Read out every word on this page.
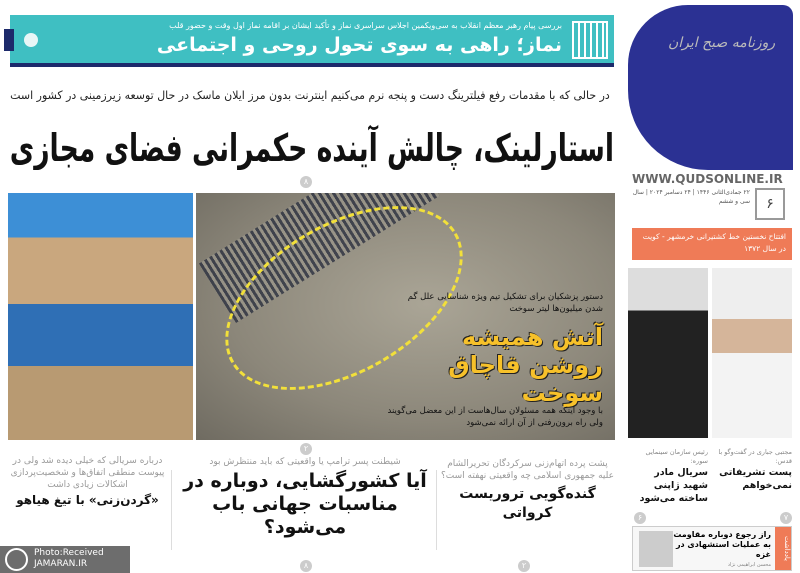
بررسی پیام رهبر معظم انقلاب به سی‌ویکمین اجلاس سراسری نماز و تأکید ایشان بر اقامه نماز اول وقت و حضور قلب
نماز؛ راهی به سوی تحول روحی و اجتماعی
در حالی که با مقدمات رفع فیلترینگ دست و پنجه نرم می‌کنیم اینترنت بدون مرز ایلان ماسک در حال توسعه زیرزمینی در کشور است
استارلینک، چالش آینده حکمرانی فضای مجازی
۸
دستور پزشکیان برای تشکیل تیم ویژه شناسایی علل گم شدن میلیون‌ها لیتر سوخت
آتش همیشه روشن قاچاق سوخت
با وجود اینکه همه مسئولان سال‌هاست از این معضل می‌گویند ولی راه برون‌رفتی از آن ارائه نمی‌شود
۲
روزنامه صبح ایران
WWW.QUDSONLINE.IR
۲۲ جمادی‌الثانی ۱۴۴۶ | ۲۴ دسامبر ۲۰۲۴ | سال سی و ششم	۶
افتتاح نخستین خط کشتیرانی خرمشهر - کویت در سال ۱۳۷۲
مجتبی جباری در گفت‌وگو با قدس:
پست تشریفاتی نمی‌خواهم
رئیس سازمان سینمایی سوره:
سریال مادر شهید ژاپنی ساخته می‌شود
۷
۶
یادداشت
راز رجوع دوباره مقاومت به عملیات استشهادی در غزه
محسن ابراهیمی نژاد
پشت پرده اتهام‌زنی سرکردگان تحریرالشام علیه جمهوری اسلامی چه واقعیتی نهفته است؟
گنده‌گویی تروریست کرواتی
شیطنت پسر ترامپ یا واقعیتی که باید منتظرش بود
آیا کشورگشایی، دوباره در مناسبات جهانی باب می‌شود؟
درباره سریالی که خیلی دیده شد ولی در پیوست منطقی اتفاق‌ها و شخصیت‌پردازی اشکالات زیادی داشت
«گردن‌زنی» با تیغ هیاهو
۲
۸
Photo:Received
JAMARAN.IR
